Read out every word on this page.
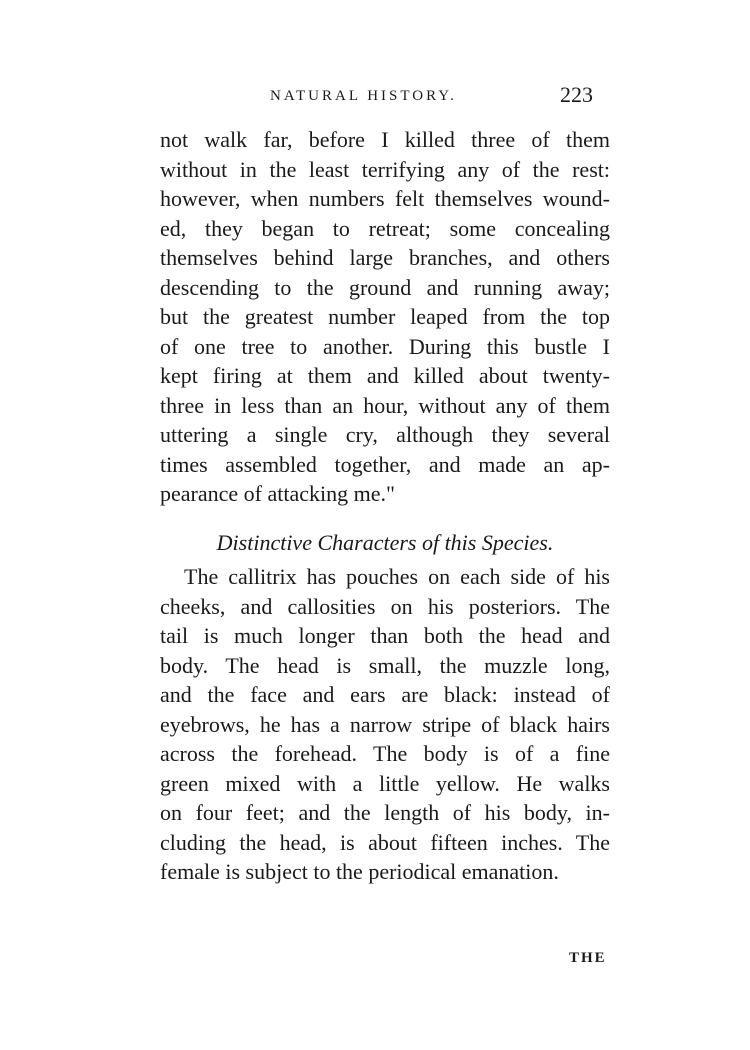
NATURAL HISTORY.	223
not walk far, before I killed three of them
without in the least terrifying any of the rest:
however, when numbers felt themselves wound-
ed, they began to retreat; some concealing
themselves behind large branches, and others
descending to the ground and running away;
but the greatest number leaped from the top
of one tree to another. During this bustle I
kept firing at them and killed about twenty-
three in less than an hour, without any of them
uttering a single cry, although they several
times assembled together, and made an ap-
pearance of attacking me."
Distinctive Characters of this Species.
The callitrix has pouches on each side of his
cheeks, and callosities on his posteriors. The
tail is much longer than both the head and
body. The head is small, the muzzle long,
and the face and ears are black: instead of
eyebrows, he has a narrow stripe of black hairs
across the forehead. The body is of a fine
green mixed with a little yellow. He walks
on four feet; and the length of his body, in-
cluding the head, is about fifteen inches. The
female is subject to the periodical emanation.
THE
